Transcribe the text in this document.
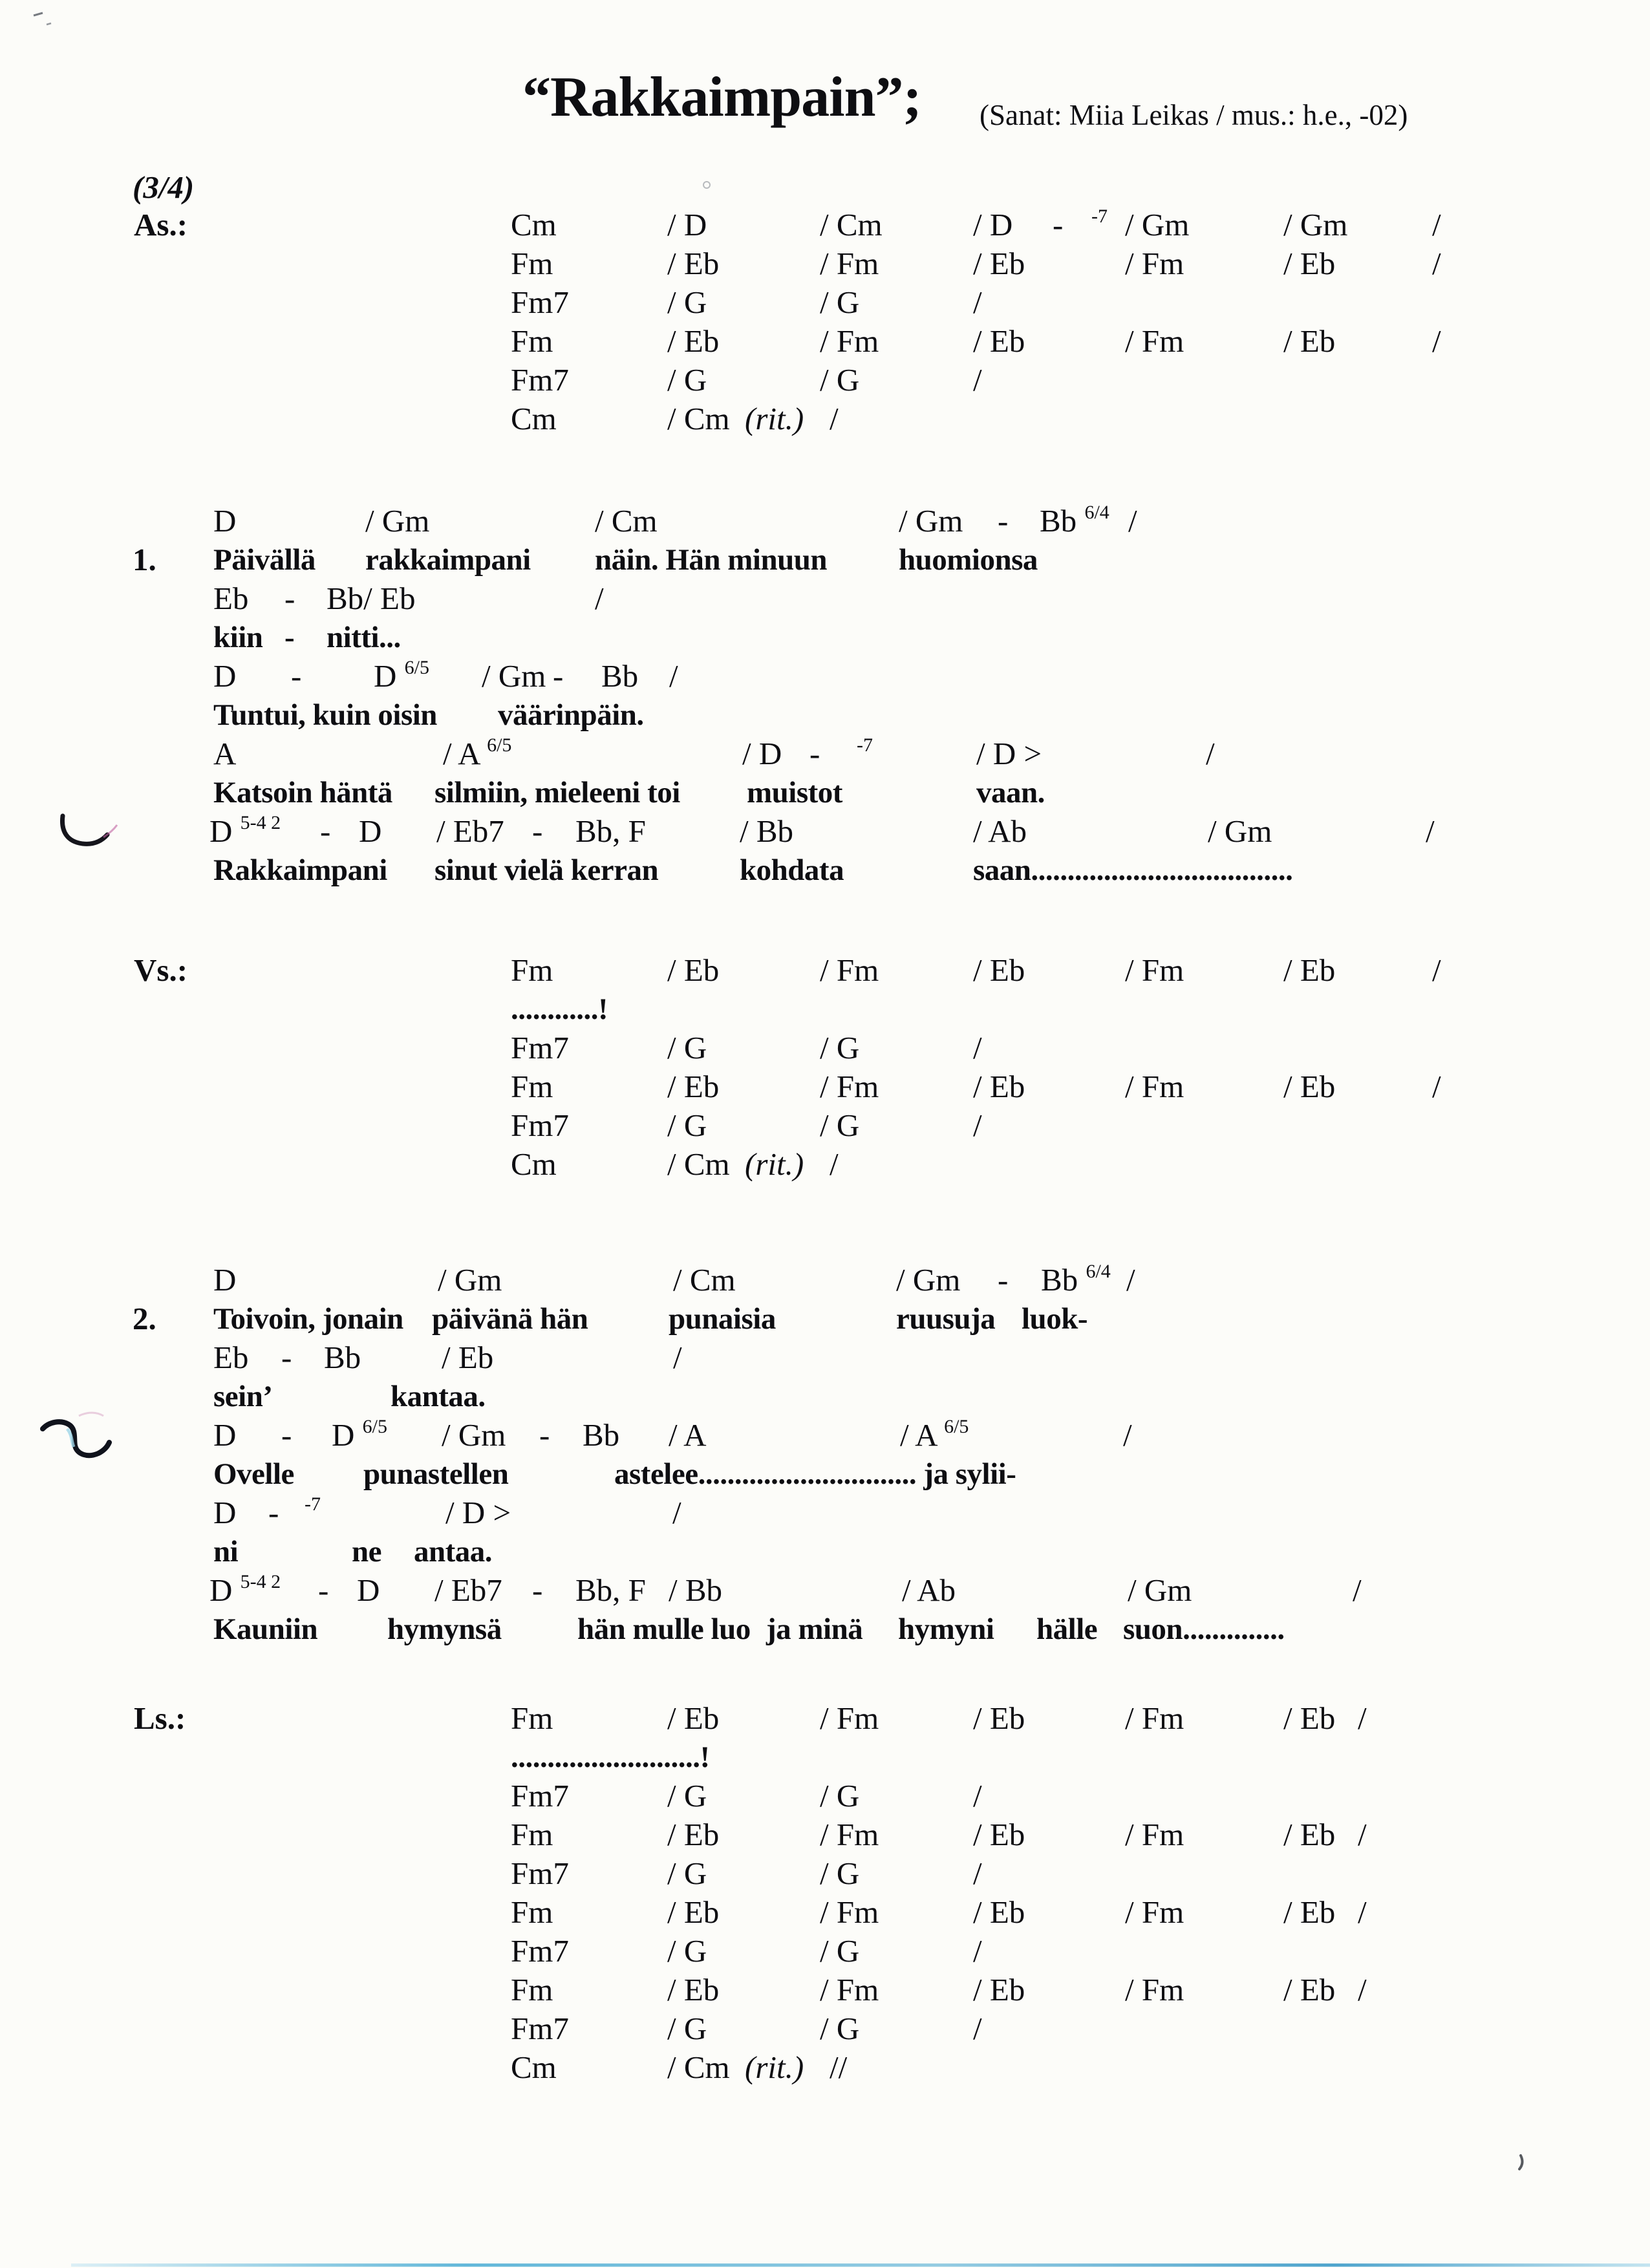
“Rakkaimpain”; (Sanat: Miia Leikas / mus.: h.e., -02)
(3/4)
As.:	Cm	/ D	/ Cm	/ D - $^{-7}$ / Gm	/ Gm	/
Fm	/ Eb	/ Fm	/ Eb	/ Fm	/ Eb	/
Fm7	/ G	/ G	/
Fm	/ Eb	/ Fm	/ Eb	/ Fm	/ Eb	/
Fm7	/ G	/ G	/
Cm	/ Cm (rit.) /
D	/ Gm	/ Cm	/ Gm - Bb $^{6/4}$ /
1. Päivällä rakkaimpani näin. Hän minuun huomionsa
Eb - Bb/ Eb	/
kiin - nitti...
D - D $^{6/5}$ / Gm - Bb /
Tuntui, kuin oisin väärinpäin.
A	/ A $^{6/5}$	/ D - $^{-7}$	/ D >	/
Katsoin häntä silmiin, mieleeni toi muistot	vaan.
D $^{5-4 2}$ - D / Eb7 - Bb, F	/ Bb	/ Ab	/ Gm	/
Rakkaimpani sinut vielä kerran	kohdata	saan....................................
Vs.:	Fm	/ Eb	/ Fm	/ Eb	/ Fm	/ Eb	/
............!
Fm7	/ G	/ G	/
Fm	/ Eb	/ Fm	/ Eb	/ Fm	/ Eb	/
Fm7	/ G	/ G	/
Cm	/ Cm (rit.) /
D	/ Gm	/ Cm	/ Gm - Bb $^{6/4}$ /
2. Toivoin, jonain päivänä hän	punaisia	ruusuja luok-
Eb - Bb	/ Eb	/
sein’	kantaa.
D - D $^{6/5}$ / Gm - Bb / A	/ A $^{6/5}$	/
Ovelle punastellen	astelee.............................. ja sylii-
D - $^{-7}$	/ D >	/
ni	ne antaa.
D $^{5-4 2}$ - D / Eb7 - Bb, F / Bb	/ Ab	/ Gm	/
Kauniin hymynsä hän mulle luo ja minä hymyni hälle suon..............
Ls.:	Fm	/ Eb	/ Fm	/ Eb	/ Fm	/ Eb /
..........................!
Fm7	/ G	/ G	/
Fm	/ Eb	/ Fm	/ Eb	/ Fm	/ Eb /
Fm7	/ G	/ G	/
Fm	/ Eb	/ Fm	/ Eb	/ Fm	/ Eb /
Fm7	/ G	/ G	/
Fm	/ Eb	/ Fm	/ Eb	/ Fm	/ Eb /
Fm7	/ G	/ G	/
Cm	/ Cm (rit.) //
